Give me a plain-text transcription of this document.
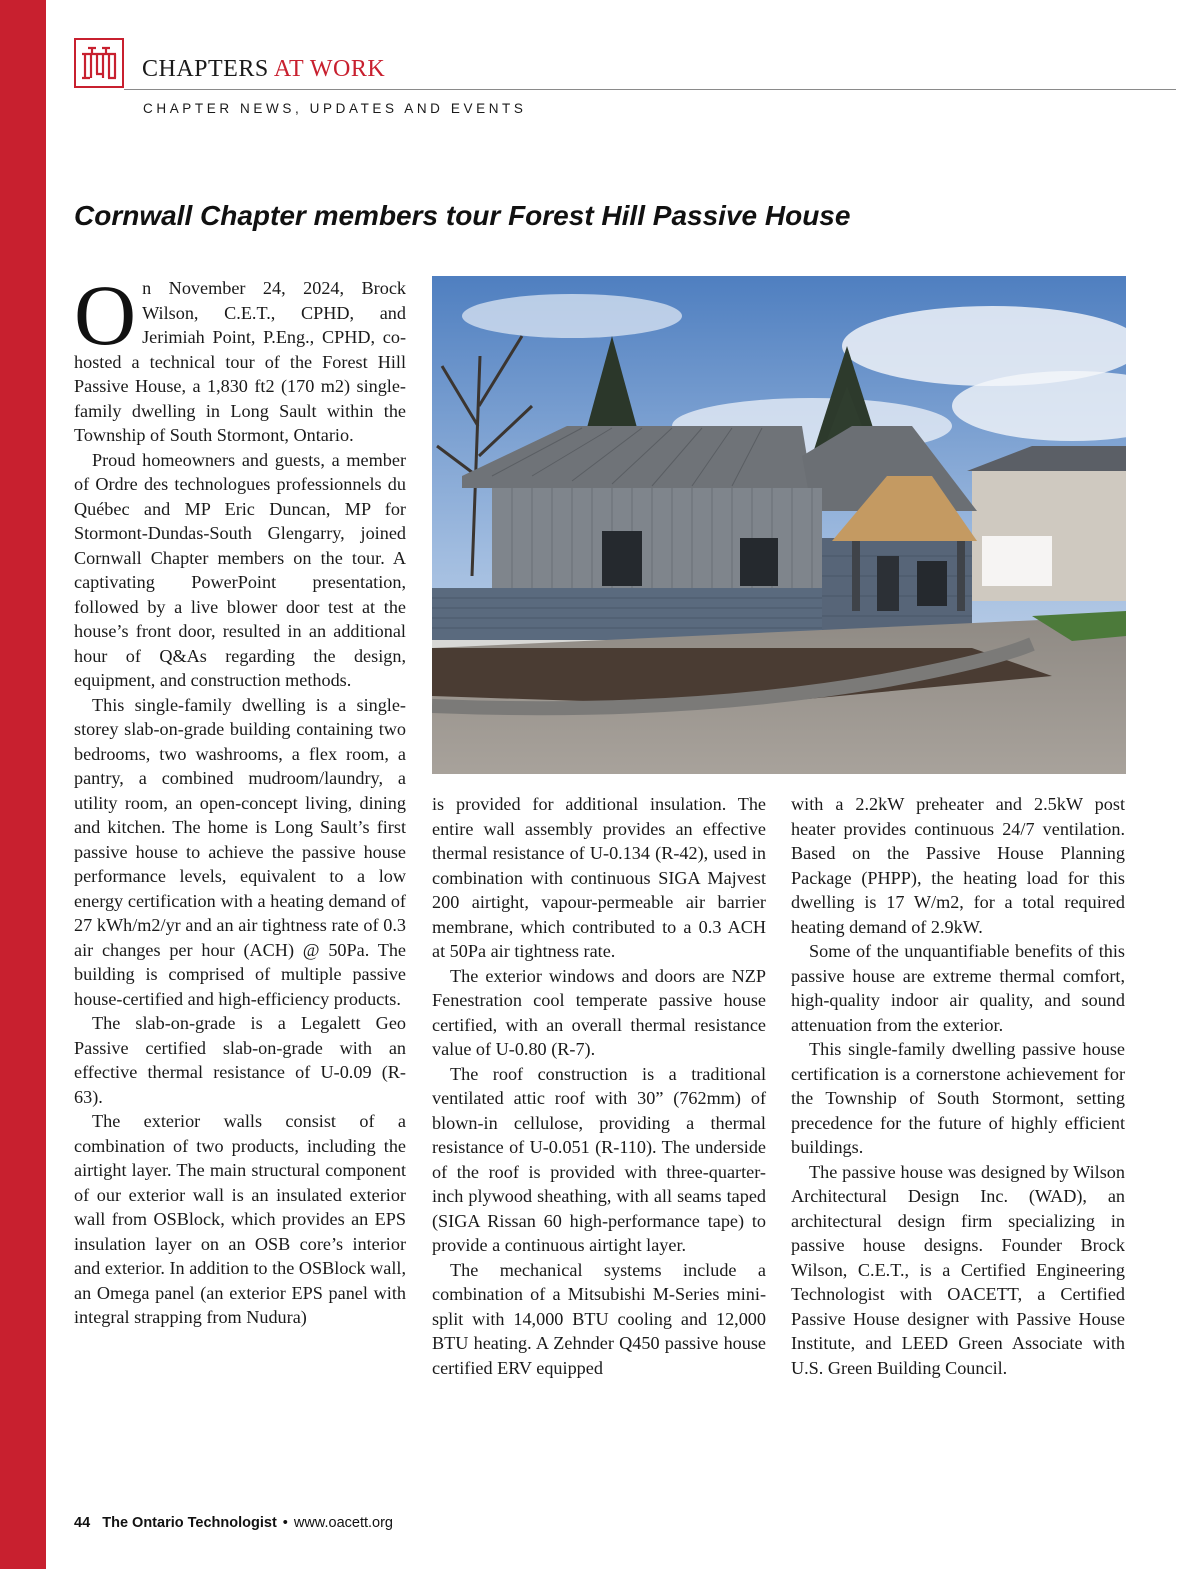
CHAPTERS AT WORK
CHAPTER NEWS, UPDATES AND EVENTS
Cornwall Chapter members tour Forest Hill Passive House

On November 24, 2024, Brock Wilson, C.E.T., CPHD, and Jerimiah Point, P.Eng., CPHD, co-hosted a technical tour of the Forest Hill Passive House, a 1,830 ft2 (170 m2) single-family dwelling in Long Sault within the Township of South Stormont, Ontario.

Proud homeowners and guests, a member of Ordre des technologues professionnels du Québec and MP Eric Duncan, MP for Stormont-Dundas-South Glengarry, joined Cornwall Chapter members on the tour. A captivating PowerPoint presentation, followed by a live blower door test at the house’s front door, resulted in an additional hour of Q&As regarding the design, equipment, and construction methods.

This single-family dwelling is a single-storey slab-on-grade building containing two bedrooms, two washrooms, a flex room, a pantry, a combined mudroom/laundry, a utility room, an open-concept living, dining and kitchen. The home is Long Sault’s first passive house to achieve the passive house performance levels, equivalent to a low energy certification with a heating demand of 27 kWh/m2/yr and an air tightness rate of 0.3 air changes per hour (ACH) @ 50Pa. The building is comprised of multiple passive house-certified and high-efficiency products.

The slab-on-grade is a Legalett Geo Passive certified slab-on-grade with an effective thermal resistance of U-0.09 (R-63).

The exterior walls consist of a combination of two products, including the airtight layer. The main structural component of our exterior wall is an insulated exterior wall from OSBlock, which provides an EPS insulation layer on an OSB core’s interior and exterior. In addition to the OSBlock wall, an Omega panel (an exterior EPS panel with integral strapping from Nudura)

is provided for additional insulation. The entire wall assembly provides an effective thermal resistance of U-0.134 (R-42), used in combination with continuous SIGA Majvest 200 airtight, vapour-permeable air barrier membrane, which contributed to a 0.3 ACH at 50Pa air tightness rate.

The exterior windows and doors are NZP Fenestration cool temperate passive house certified, with an overall thermal resistance value of U-0.80 (R-7).

The roof construction is a traditional ventilated attic roof with 30” (762mm) of blown-in cellulose, providing a thermal resistance of U-0.051 (R-110). The underside of the roof is provided with three-quarter-inch plywood sheathing, with all seams taped (SIGA Rissan 60 high-performance tape) to provide a continuous airtight layer.

The mechanical systems include a combination of a Mitsubishi M-Series mini-split with 14,000 BTU cooling and 12,000 BTU heating. A Zehnder Q450 passive house certified ERV equipped

with a 2.2kW preheater and 2.5kW post heater provides continuous 24/7 ventilation. Based on the Passive House Planning Package (PHPP), the heating load for this dwelling is 17 W/m2, for a total required heating demand of 2.9kW.

Some of the unquantifiable benefits of this passive house are extreme thermal comfort, high-quality indoor air quality, and sound attenuation from the exterior.

This single-family dwelling passive house certification is a cornerstone achievement for the Township of South Stormont, setting precedence for the future of highly efficient buildings.

The passive house was designed by Wilson Architectural Design Inc. (WAD), an architectural design firm specializing in passive house designs. Founder Brock Wilson, C.E.T., is a Certified Engineering Technologist with OACETT, a Certified Passive House designer with Passive House Institute, and LEED Green Associate with U.S. Green Building Council.

44 The Ontario Technologist • www.oacett.org
